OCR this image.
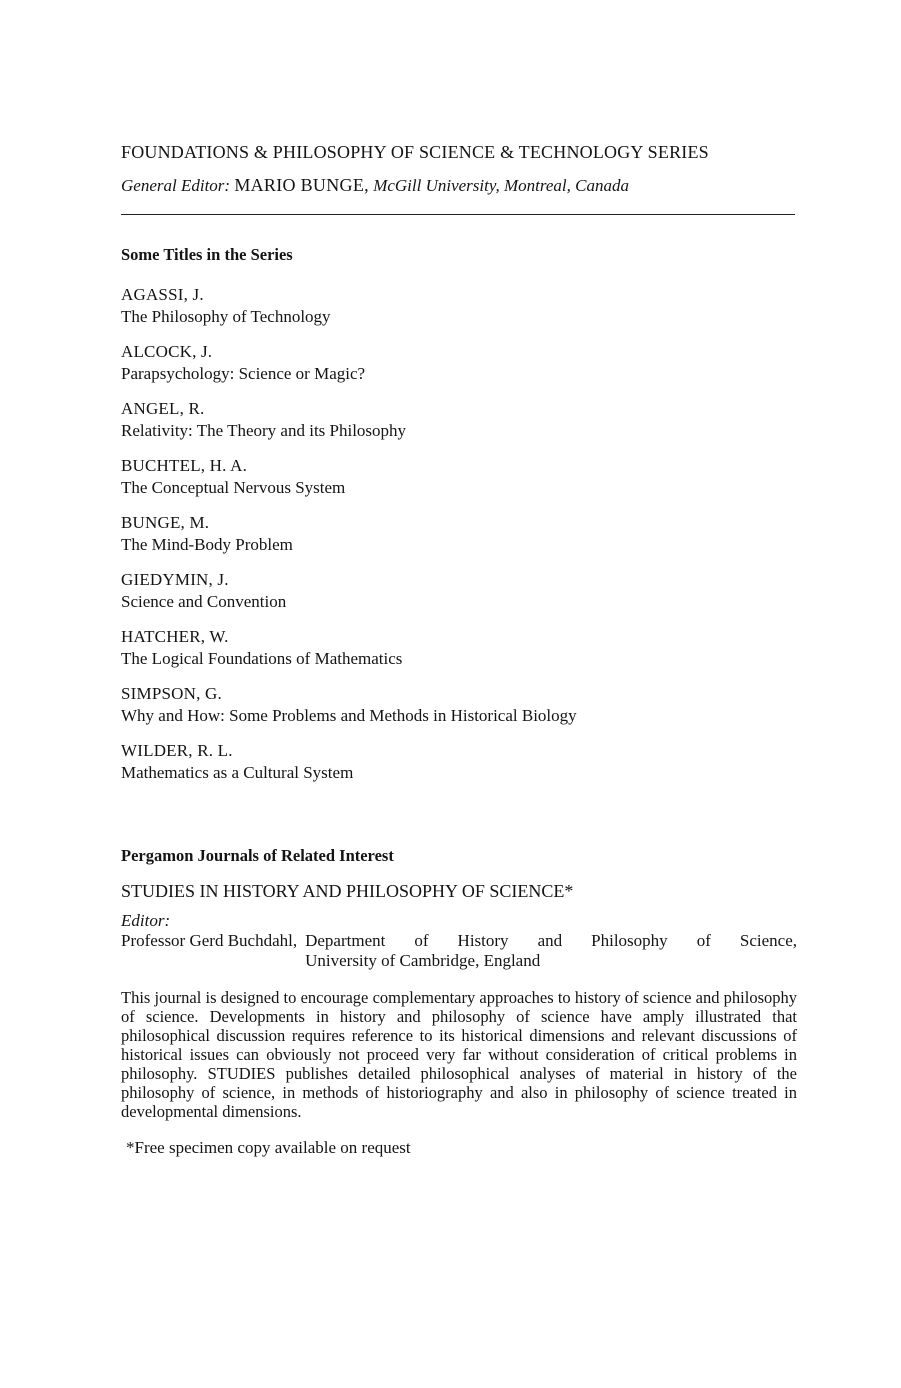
FOUNDATIONS & PHILOSOPHY OF SCIENCE & TECHNOLOGY SERIES

General Editor: MARIO BUNGE, McGill University, Montreal, Canada

Some Titles in the Series

AGASSI, J.
The Philosophy of Technology
ALCOCK, J.
Parapsychology: Science or Magic?
ANGEL, R.
Relativity: The Theory and its Philosophy
BUCHTEL, H. A.
The Conceptual Nervous System
BUNGE, M.
The Mind-Body Problem
GIEDYMIN, J.
Science and Convention
HATCHER, W.
The Logical Foundations of Mathematics
SIMPSON, G.
Why and How: Some Problems and Methods in Historical Biology
WILDER, R. L.
Mathematics as a Cultural System

Pergamon Journals of Related Interest

STUDIES IN HISTORY AND PHILOSOPHY OF SCIENCE*
Editor:
Professor Gerd Buchdahl, Department of History and Philosophy of Science,
University of Cambridge, England

This journal is designed to encourage complementary approaches to history of science and philosophy of science. Developments in history and philosophy of science have amply illustrated that philosophical discussion requires reference to its historical dimensions and relevant discussions of historical issues can obviously not proceed very far without consideration of critical problems in philosophy. STUDIES publishes detailed philosophical analyses of material in history of the philosophy of science, in methods of historiography and also in philosophy of science treated in developmental dimensions.

*Free specimen copy available on request
